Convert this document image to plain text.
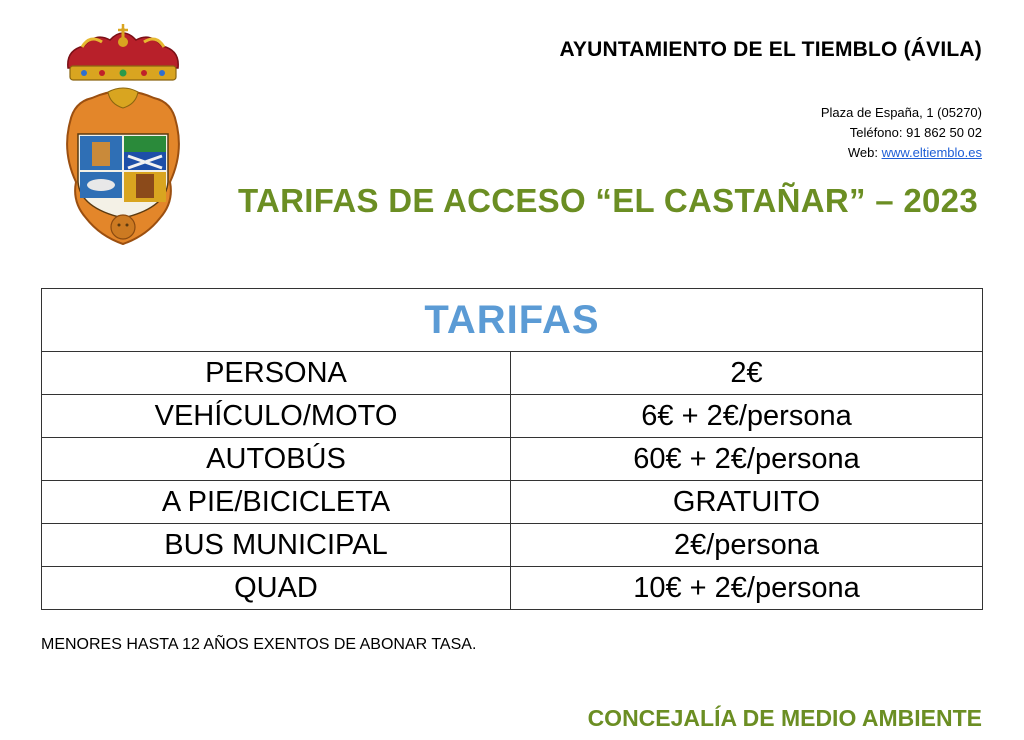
AYUNTAMIENTO DE EL TIEMBLO (ÁVILA)
Plaza de España, 1 (05270)
Teléfono: 91 862 50 02
Web: www.eltiemblo.es
TARIFAS DE ACCESO “EL CASTAÑAR” – 2023
TARIFAS	
PERSONA	2€
VEHÍCULO/MOTO	6€ + 2€/persona
AUTOBÚS	60€ + 2€/persona
A PIE/BICICLETA	GRATUITO
BUS MUNICIPAL	2€/persona
QUAD	10€ + 2€/persona
MENORES HASTA 12 AÑOS EXENTOS DE ABONAR TASA.
CONCEJALÍA DE MEDIO AMBIENTE
